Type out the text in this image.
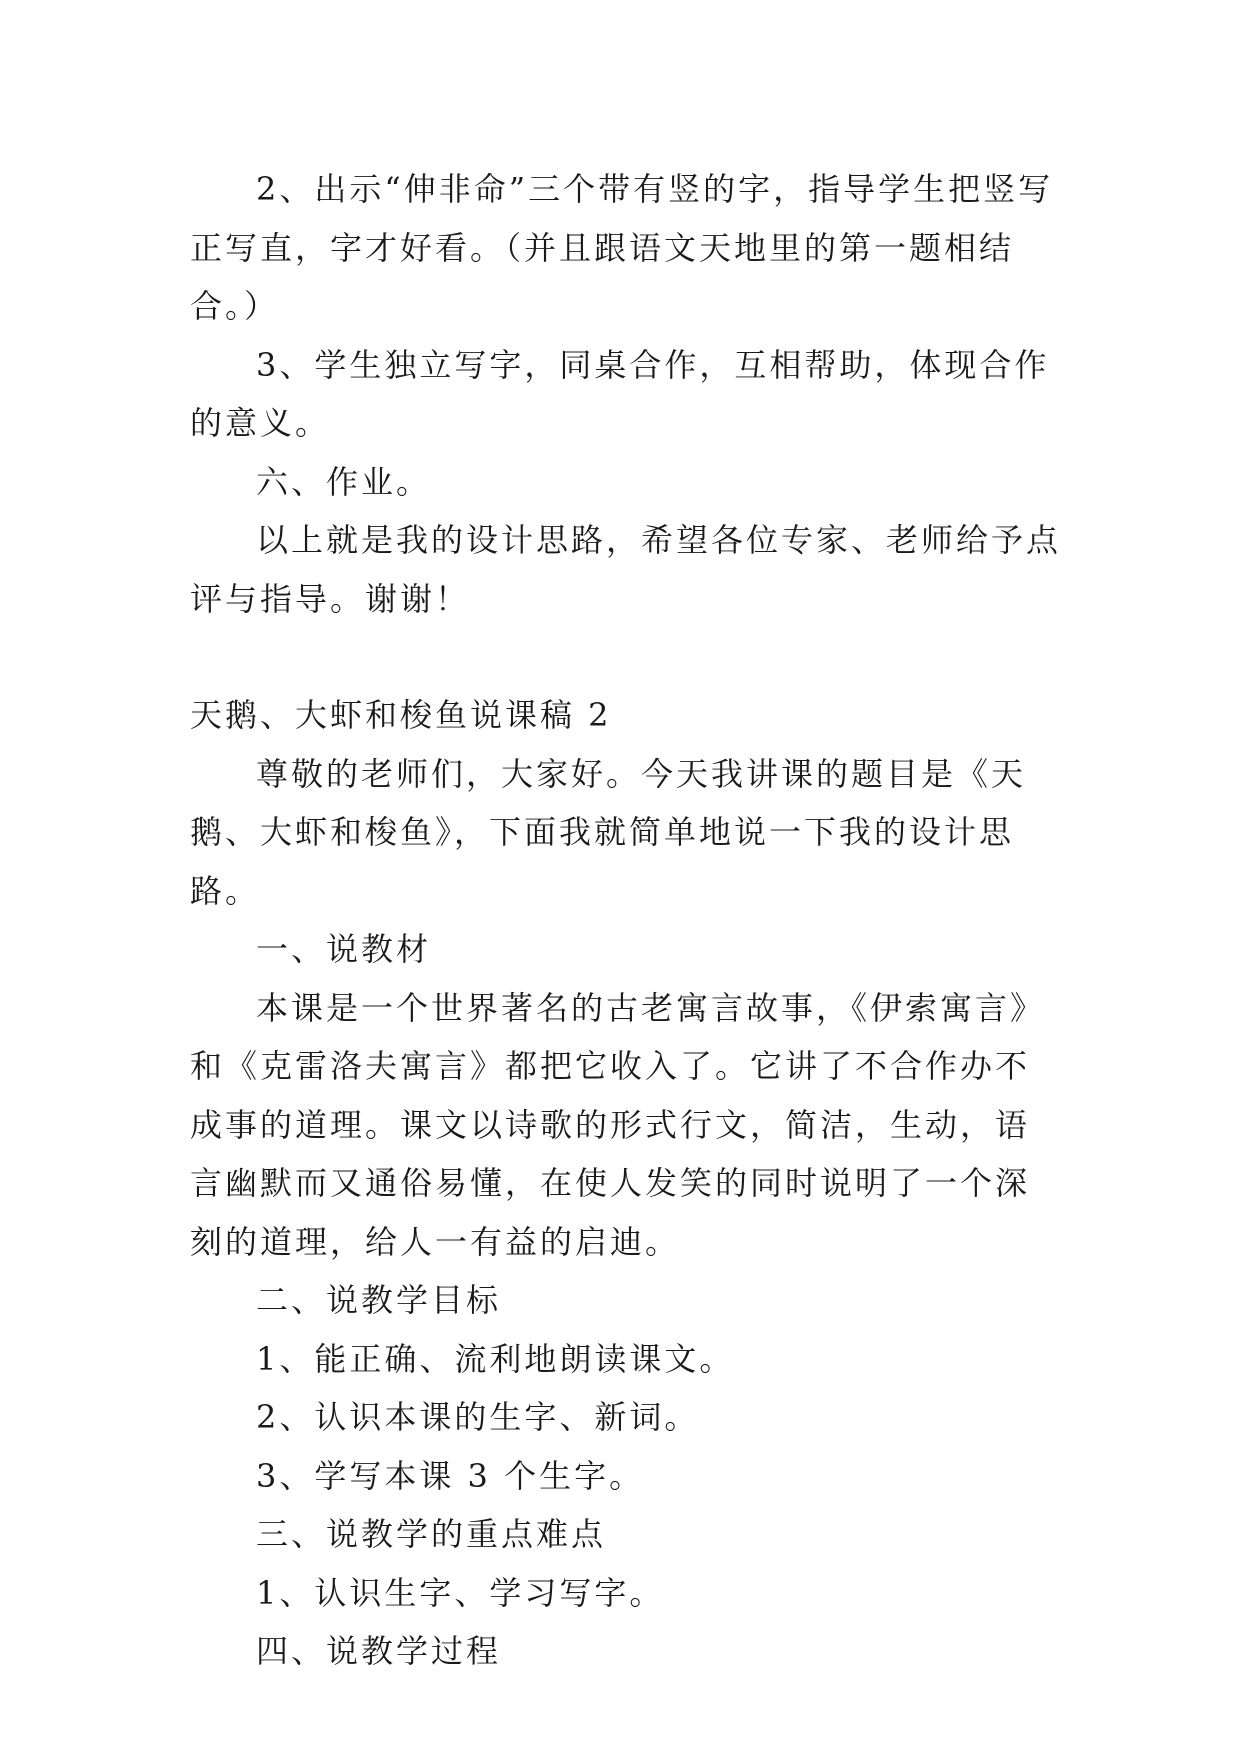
2、出示“伸非命”三个带有竖的字，指导学生把竖写正写直，字才好看。（并且跟语文天地里的第一题相结合。）

3、学生独立写字，同桌合作，互相帮助，体现合作的意义。

六、作业。

以上就是我的设计思路，希望各位专家、老师给予点评与指导。谢谢！

天鹅、大虾和梭鱼说课稿 2

尊敬的老师们，大家好。今天我讲课的题目是《天鹅、大虾和梭鱼》，下面我就简单地说一下我的设计思路。

一、说教材

本课是一个世界著名的古老寓言故事，《伊索寓言》和《克雷洛夫寓言》都把它收入了。它讲了不合作办不成事的道理。课文以诗歌的形式行文，简洁，生动，语言幽默而又通俗易懂，在使人发笑的同时说明了一个深刻的道理，给人一有益的启迪。

二、说教学目标

1、能正确、流利地朗读课文。

2、认识本课的生字、新词。

3、学写本课 3 个生字。

三、说教学的重点难点

1、认识生字、学习写字。

四、说教学过程
